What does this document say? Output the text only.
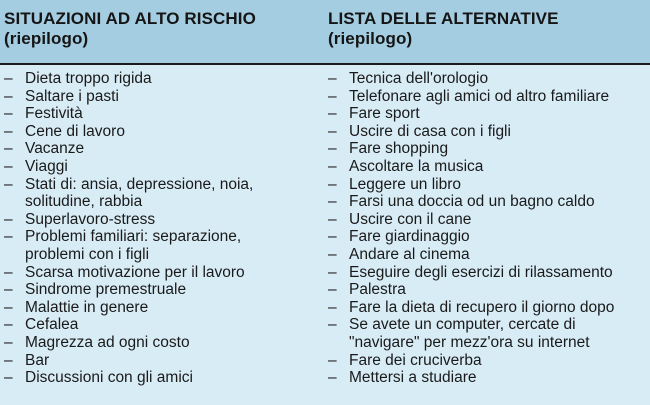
SITUAZIONI AD ALTO RISCHIO
(riepilogo)
– Dieta troppo rigida
– Saltare i pasti
– Festività
– Cene di lavoro
– Vacanze
– Viaggi
– Stati di: ansia, depressione, noia,
solitudine, rabbia
– Superlavoro-stress
– Problemi familiari: separazione,
problemi con i figli
– Scarsa motivazione per il lavoro
– Sindrome premestruale
– Malattie in genere
– Cefalea
– Magrezza ad ogni costo
– Bar
– Discussioni con gli amici
LISTA DELLE ALTERNATIVE
(riepilogo)
– Tecnica dell'orologio
– Telefonare agli amici od altro familiare
– Fare sport
– Uscire di casa con i figli
– Fare shopping
– Ascoltare la musica
– Leggere un libro
– Farsi una doccia od un bagno caldo
– Uscire con il cane
– Fare giardinaggio
– Andare al cinema
– Eseguire degli esercizi di rilassamento
– Palestra
– Fare la dieta di recupero il giorno dopo
– Se avete un computer, cercate di
"navigare" per mezz'ora su internet
– Fare dei cruciverba
– Mettersi a studiare
